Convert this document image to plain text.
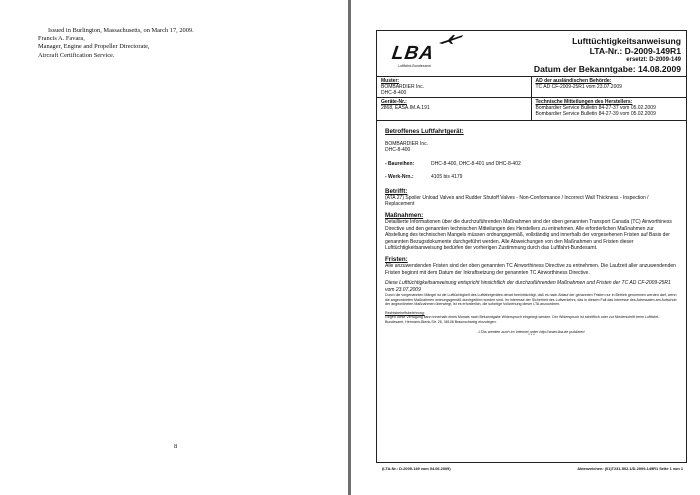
Issued in Burlington, Massachusetts, on March 17, 2009.
Francis A. Favara,
Manager, Engine and Propeller Directorate,
Aircraft Certification Service.
8
LBA
Luftfahrt-Bundesamt
Lufttüchtigkeitsanweisung
LTA-Nr.: D-2009-149R1
ersetzt: D-2009-149
Datum der Bekanntgabe: 14.08.2009
Muster:
BOMBARDIER Inc.
DHC-8-400
AD der ausländischen Behörde:
TC AD CF-2009-25R1 vom 23.07.2009
Geräte-Nr.:
2868, EASA.IM.A.191
Technische Mitteilungen des Herstellers:
Bombardier Service Bulletin 84-27-37 vom 05.02.2009
Bombardier Service Bulletin 84-27-39 vom 05.02.2009
Betroffenes Luftfahrtgerät:
BOMBARDIER Inc.
DHC-8-400
- Baureihen:	DHC-8-400, DHC-8-401 und DHC-8-402
- Werk-Nrn.:	4105 bis 4179
Betrifft:
(ATA 27) Spoiler Unload Valves and Rudder Shutoff Valves - Non-Conformance / Incorrect Wall Thickness - Inspection / Replacement
Maßnahmen:
Detaillierte Informationen über die durchzuführenden Maßnahmen sind der oben genannten Transport Canada (TC) Airworthiness Directive und den genannten technischen Mitteilungen des Herstellers zu entnehmen. Alle erforderlichen Maßnahmen zur Abstellung des technischen Mangels müssen ordnungsgemäß, vollständig und innerhalb der vorgesehenen Fristen auf Basis der genannten Bezugsdokumente durchgeführt werden. Alle Abweichungen von den Maßnahmen und Fristen dieser Lufttüchtigkeitsanweisung bedürfen der vorherigen Zustimmung durch das Luftfahrt-Bundesamt.
Fristen:
Alle anzuwendenden Fristen sind der oben genannten TC Airworthiness Directive zu entnehmen. Die Laufzeit aller anzuwendenden Fristen beginnt mit dem Datum der Inkraftsetzung der genannten TC Airworthiness Directive.
Diese Lufttüchtigkeitsanweisung entspricht hinsichtlich der durchzuführenden Maßnahmen und Fristen der TC AD CF-2009-25R1 vom 23.07.2009
Durch die vorgenannten Mängel ist die Lufttüchtigkeit des Luftfahrtgerätes derart beeinträchtigt, daß es nach Ablauf der genannten Fristen nur in Betrieb genommen werden darf, wenn die angeordneten Maßnahmen ordnungsgemäß durchgeführt worden sind. Im Interesse der Sicherheit des Luftverkehrs, das in diesem Fall das Interesse des Adressaten am Aufschub der angeordneten Maßnahmen überwiegt, ist es erforderlich, die sofortige Vollziehung dieser LTA anzuordnen.
Rechtsbehelfsbelehrung:
Gegen diese Verfügung kann innerhalb eines Monats nach Bekanntgabe Widerspruch eingelegt werden. Der Widerspruch ist schriftlich oder zur Niederschrift beim Luftfahrt-Bundesamt, Hermann-Blenk-Str. 26, 38108 Braunschweig einzulegen.
LTAs werden auch im Internet unter http://www.lba.de publiziert
* * *
(LTA-Nr.: D-2009-149 vom 04.06.2009)	Aktenzeichen: (01)T231-502.1/D-2009-149R1 Seite 1 von 1
